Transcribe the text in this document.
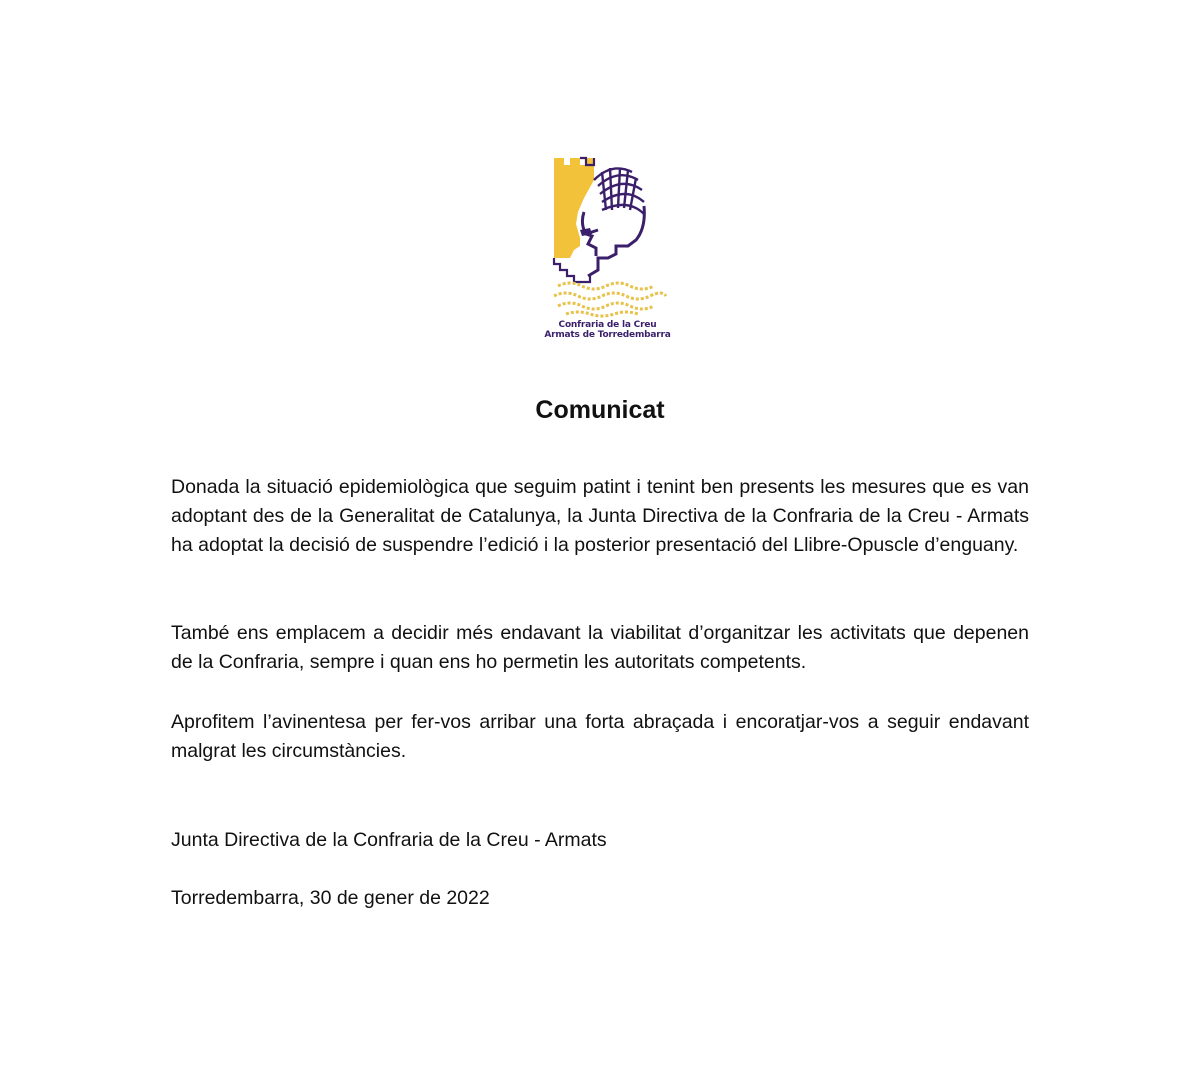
Confraria de la Creu
Armats de Torredembarra
Comunicat
Donada la situació epidemiològica que seguim patint i tenint ben presents les mesures que es van adoptant des de la Generalitat de Catalunya, la Junta Directiva de la Confraria de la Creu - Armats ha adoptat la decisió de suspendre l’edició i la posterior presentació del Llibre-Opuscle d’enguany.
També ens emplacem a decidir més endavant la viabilitat d’organitzar les activitats que depenen de la Confraria, sempre i quan ens ho permetin les autoritats competents.
Aprofitem l’avinentesa per fer-vos arribar una forta abraçada i encoratjar-vos a seguir endavant malgrat les circumstàncies.
Junta Directiva de la Confraria de la Creu - Armats
Torredembarra, 30 de gener de 2022
